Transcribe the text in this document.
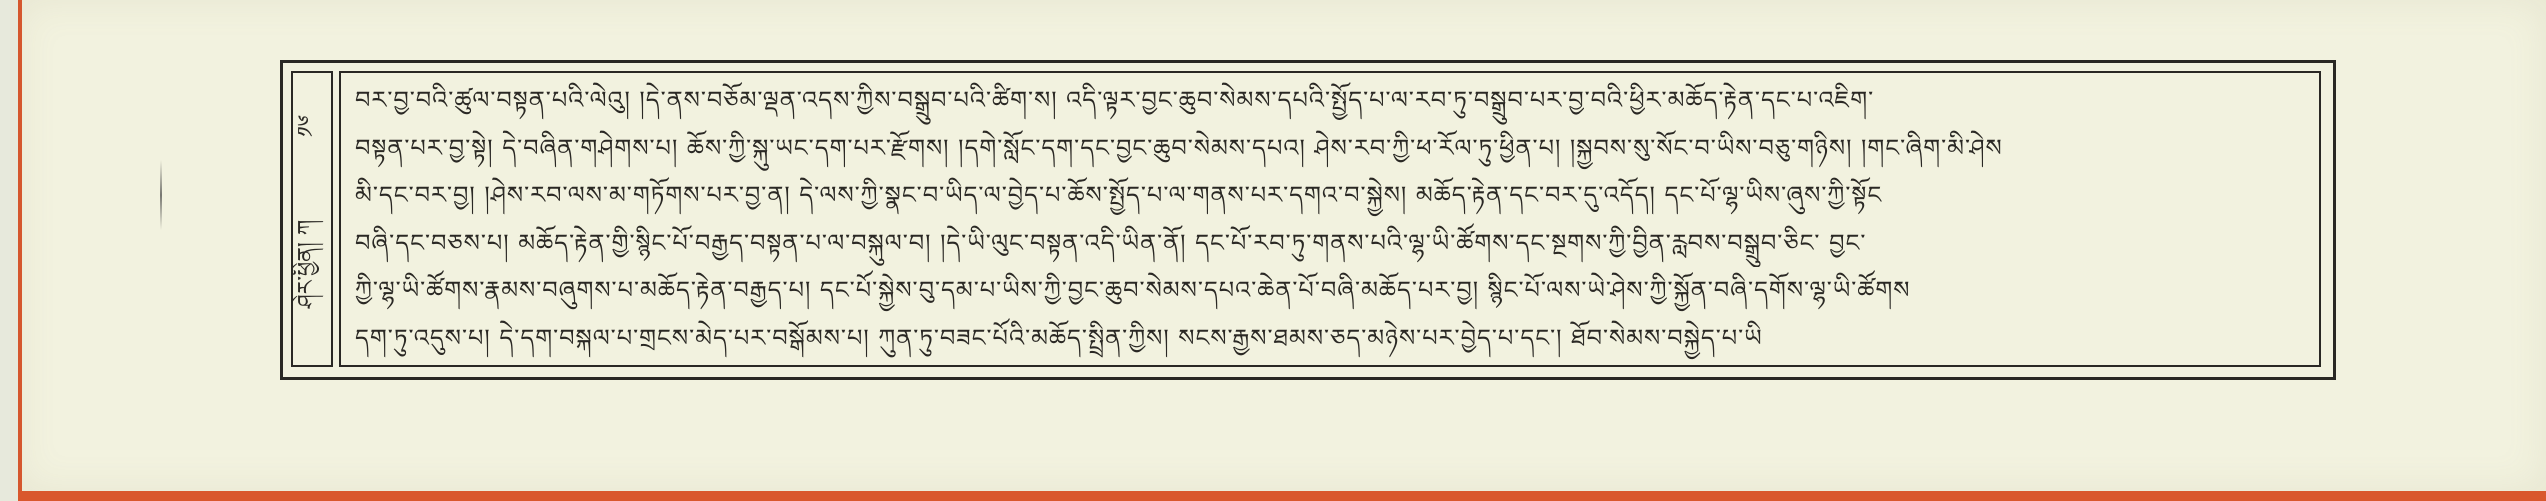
༡༦
ཤེར་ཕྱིན། ཀ
བར་བྱ་བའི་ཚུལ་བསྟན་པའི་ལེའུ། །དེ་ནས་བཅོམ་ལྡན་འདས་ཀྱིས་བསྒྲུབ་པའི་ཚིག་ས། འདི་ལྟར་བྱང་ཆུབ་སེམས་དཔའི་སྤྱོད་པ་ལ་རབ་ཏུ་བསྒྲུབ་པར་བྱ་བའི་ཕྱིར་མཆོད་རྟེན་དང་པ་འཇིག་
བསྟན་པར་བྱ་སྟེ། དེ་བཞིན་གཤེགས་པ། ཆོས་ཀྱི་སྐུ་ཡང་དག་པར་རྫོགས། །དགེ་སློང་དག་དང་བྱང་ཆུབ་སེམས་དཔའ། ཤེས་རབ་ཀྱི་ཕ་རོལ་ཏུ་ཕྱིན་པ། །སྐྱབས་སུ་སོང་བ་ཡིས་བཅུ་གཉིས། །གང་ཞིག་མི་ཤེས
མི་དང་བར་བྱ། །ཤེས་རབ་ལས་མ་གཏོགས་པར་བྱ་ན། དེ་ལས་ཀྱི་སྣང་བ་ཡིད་ལ་བྱེད་པ་ཆོས་སྤྱོད་པ་ལ་གནས་པར་དགའ་བ་སྐྱེས། མཆོད་རྟེན་དང་བར་དུ་འདོད། དང་པོ་ལྷ་ཡིས་ཞུས་ཀྱི་སྟོང
བཞི་དང་བཅས་པ། མཆོད་རྟེན་གྱི་སྙིང་པོ་བརྒྱད་བསྟན་པ་ལ་བསྐུལ་བ། །དེ་ཡི་ལུང་བསྟན་འདི་ཡིན་ནོ། དང་པོ་རབ་ཏུ་གནས་པའི་ལྷ་ཡི་ཚོགས་དང་སྔགས་ཀྱི་བྱིན་རླབས་བསྒྲུབ་ཅིང་ བྱང་
ཀྱི་ལྷ་ཡི་ཚོགས་རྣམས་བཞུགས་པ་མཆོད་རྟེན་བརྒྱད་པ། དང་པོ་སྐྱེས་བུ་དམ་པ་ཡིས་ཀྱི་བྱང་ཆུབ་སེམས་དཔའ་ཆེན་པོ་བཞི་མཆོད་པར་བྱ། སྙིང་པོ་ལས་ཡེ་ཤེས་ཀྱི་སྐྱོན་བཞི་དགོས་ལྷ་ཡི་ཚོགས
དག་ཏུ་འདུས་པ། དེ་དག་བསྐལ་པ་གྲངས་མེད་པར་བསྒོམས་པ། ཀུན་ཏུ་བཟང་པོའི་མཆོད་སྤྲིན་ཀྱིས། སངས་རྒྱས་ཐམས་ཅད་མཉེས་པར་བྱེད་པ་དང་། ཐོབ་སེམས་བསྐྱེད་པ་ཡི
